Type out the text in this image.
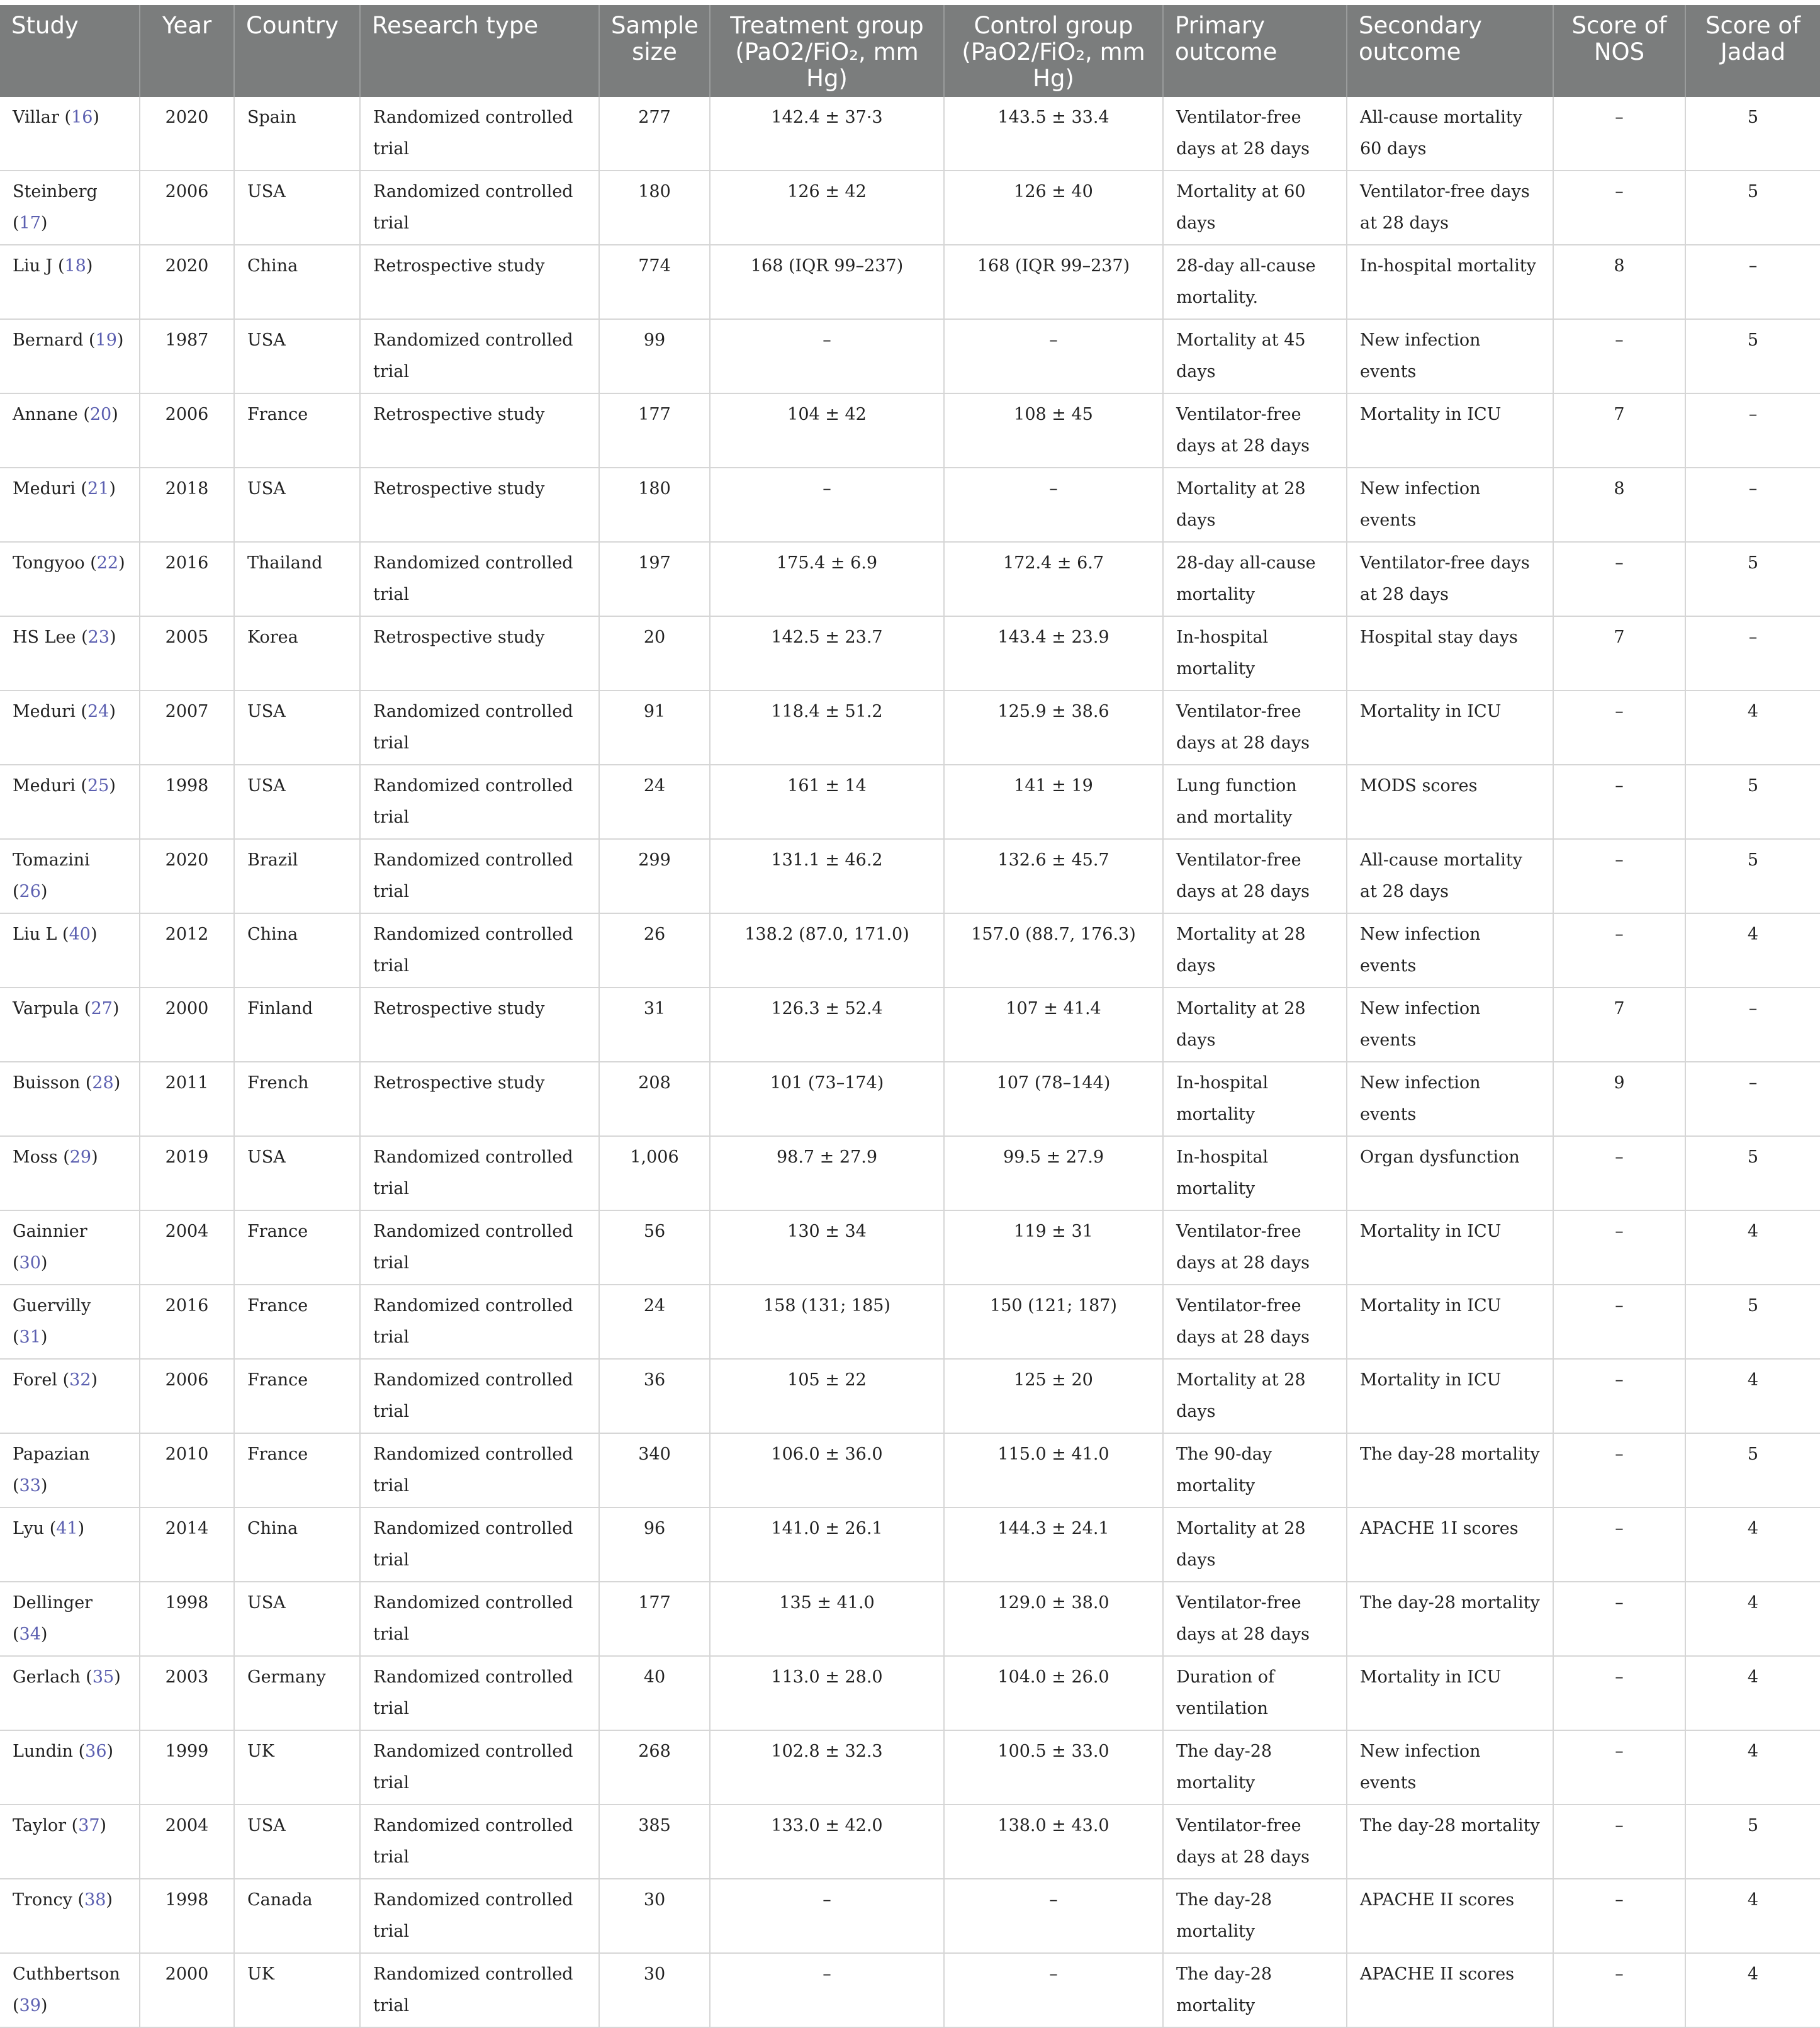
Study	Year	Country	Research type	Sample size	Treatment group (PaO2/FiO₂, mm Hg)	Control group (PaO2/FiO₂, mm Hg)	Primary outcome	Secondary outcome	Score of NOS	Score of Jadad
Villar (16)	2020	Spain	Randomized controlled trial	277	142.4 ± 37·3	143.5 ± 33.4	Ventilator-free days at 28 days	All-cause mortality 60 days	–	5
Steinberg (17)	2006	USA	Randomized controlled trial	180	126 ± 42	126 ± 40	Mortality at 60 days	Ventilator-free days at 28 days	–	5
Liu J (18)	2020	China	Retrospective study	774	168 (IQR 99–237)	168 (IQR 99–237)	28-day all-cause mortality.	In-hospital mortality	8	–
Bernard (19)	1987	USA	Randomized controlled trial	99	–	–	Mortality at 45 days	New infection events	–	5
Annane (20)	2006	France	Retrospective study	177	104 ± 42	108 ± 45	Ventilator-free days at 28 days	Mortality in ICU	7	–
Meduri (21)	2018	USA	Retrospective study	180	–	–	Mortality at 28 days	New infection events	8	–
Tongyoo (22)	2016	Thailand	Randomized controlled trial	197	175.4 ± 6.9	172.4 ± 6.7	28-day all-cause mortality	Ventilator-free days at 28 days	–	5
HS Lee (23)	2005	Korea	Retrospective study	20	142.5 ± 23.7	143.4 ± 23.9	In-hospital mortality	Hospital stay days	7	–
Meduri (24)	2007	USA	Randomized controlled trial	91	118.4 ± 51.2	125.9 ± 38.6	Ventilator-free days at 28 days	Mortality in ICU	–	4
Meduri (25)	1998	USA	Randomized controlled trial	24	161 ± 14	141 ± 19	Lung function and mortality	MODS scores	–	5
Tomazini (26)	2020	Brazil	Randomized controlled trial	299	131.1 ± 46.2	132.6 ± 45.7	Ventilator-free days at 28 days	All-cause mortality at 28 days	–	5
Liu L (40)	2012	China	Randomized controlled trial	26	138.2 (87.0, 171.0)	157.0 (88.7, 176.3)	Mortality at 28 days	New infection events	–	4
Varpula (27)	2000	Finland	Retrospective study	31	126.3 ± 52.4	107 ± 41.4	Mortality at 28 days	New infection events	7	–
Buisson (28)	2011	French	Retrospective study	208	101 (73–174)	107 (78–144)	In-hospital mortality	New infection events	9	–
Moss (29)	2019	USA	Randomized controlled trial	1,006	98.7 ± 27.9	99.5 ± 27.9	In-hospital mortality	Organ dysfunction	–	5
Gainnier (30)	2004	France	Randomized controlled trial	56	130 ± 34	119 ± 31	Ventilator-free days at 28 days	Mortality in ICU	–	4
Guervilly (31)	2016	France	Randomized controlled trial	24	158 (131; 185)	150 (121; 187)	Ventilator-free days at 28 days	Mortality in ICU	–	5
Forel (32)	2006	France	Randomized controlled trial	36	105 ± 22	125 ± 20	Mortality at 28 days	Mortality in ICU	–	4
Papazian (33)	2010	France	Randomized controlled trial	340	106.0 ± 36.0	115.0 ± 41.0	The 90-day mortality	The day-28 mortality	–	5
Lyu (41)	2014	China	Randomized controlled trial	96	141.0 ± 26.1	144.3 ± 24.1	Mortality at 28 days	APACHE 1I scores	–	4
Dellinger (34)	1998	USA	Randomized controlled trial	177	135 ± 41.0	129.0 ± 38.0	Ventilator-free days at 28 days	The day-28 mortality	–	4
Gerlach (35)	2003	Germany	Randomized controlled trial	40	113.0 ± 28.0	104.0 ± 26.0	Duration of ventilation	Mortality in ICU	–	4
Lundin (36)	1999	UK	Randomized controlled trial	268	102.8 ± 32.3	100.5 ± 33.0	The day-28 mortality	New infection events	–	4
Taylor (37)	2004	USA	Randomized controlled trial	385	133.0 ± 42.0	138.0 ± 43.0	Ventilator-free days at 28 days	The day-28 mortality	–	5
Troncy (38)	1998	Canada	Randomized controlled trial	30	–	–	The day-28 mortality	APACHE II scores	–	4
Cuthbertson (39)	2000	UK	Randomized controlled trial	30	–	–	The day-28 mortality	APACHE II scores	–	4
